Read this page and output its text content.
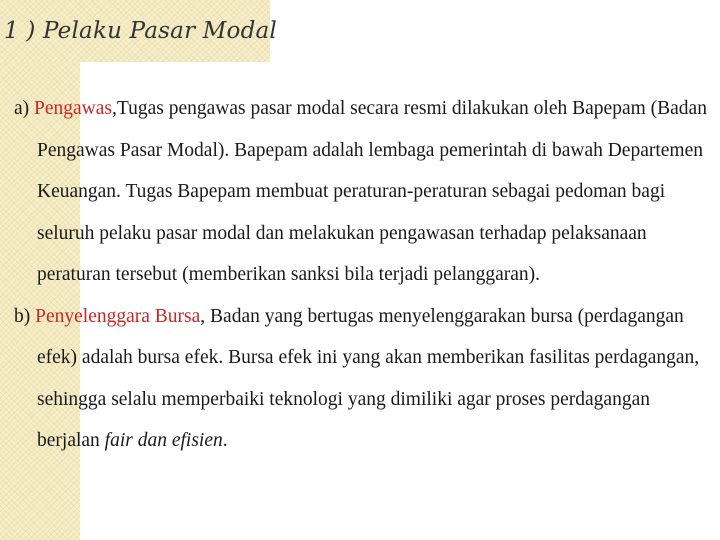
1 ) Pelaku Pasar Modal

a) Pengawas,Tugas pengawas pasar modal secara resmi dilakukan oleh Bapepam (Badan Pengawas Pasar Modal). Bapepam adalah lembaga pemerintah di bawah Departemen Keuangan. Tugas Bapepam membuat peraturan-peraturan sebagai pedoman bagi seluruh pelaku pasar modal dan melakukan pengawasan terhadap pelaksanaan peraturan tersebut (memberikan sanksi bila terjadi pelanggaran).

b) Penyelenggara Bursa, Badan yang bertugas menyelenggarakan bursa (perdagangan efek) adalah bursa efek. Bursa efek ini yang akan memberikan fasilitas perdagangan, sehingga selalu memperbaiki teknologi yang dimiliki agar proses perdagangan berjalan fair dan efisien.
